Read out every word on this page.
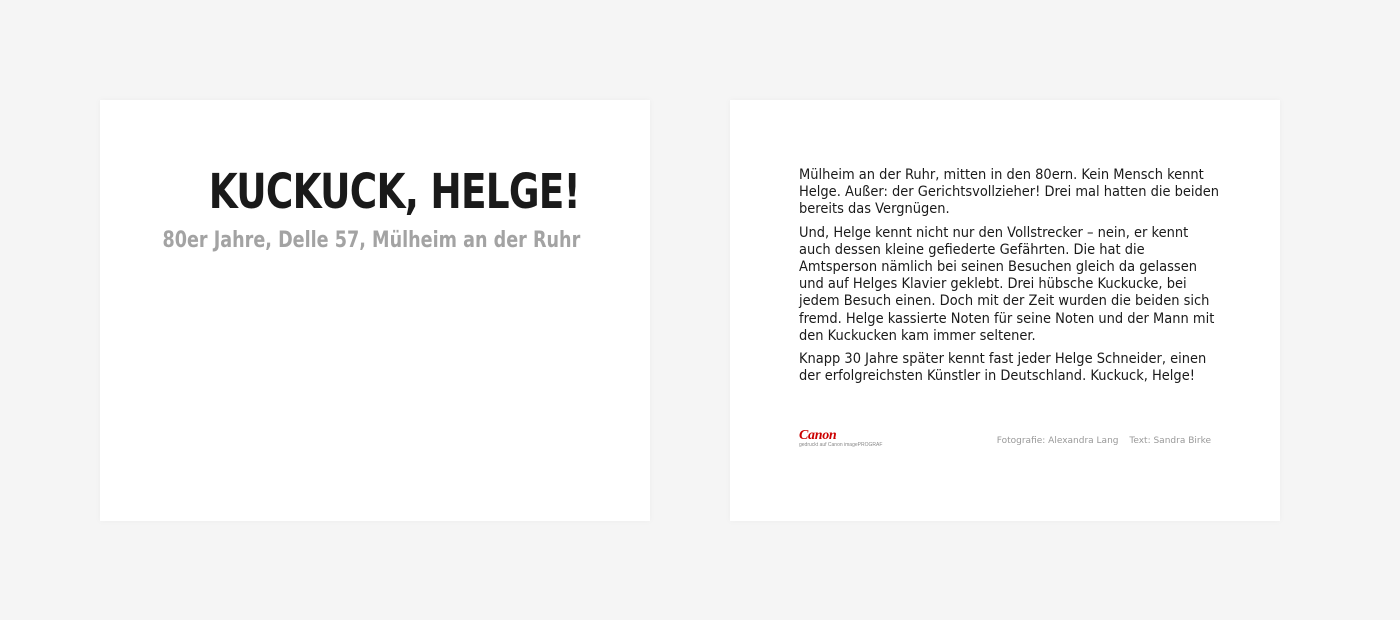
KUCKUCK, HELGE!
80er Jahre, Delle 57, Mülheim an der Ruhr

Mülheim an der Ruhr, mitten in den 80ern. Kein Mensch kennt Helge. Außer: der Gerichtsvollzieher! Drei mal hatten die beiden bereits das Vergnügen.

Und, Helge kennt nicht nur den Vollstrecker – nein, er kennt auch dessen kleine gefiederte Gefährten. Die hat die Amtsperson nämlich bei seinen Besuchen gleich da gelassen und auf Helges Klavier geklebt. Drei hübsche Kuckucke, bei jedem Besuch einen. Doch mit der Zeit wurden die beiden sich fremd. Helge kassierte Noten für seine Noten und der Mann mit den Kuckucken kam immer seltener.

Knapp 30 Jahre später kennt fast jeder Helge Schneider, einen der erfolgreichsten Künstler in Deutschland. Kuckuck, Helge!

Canon
gedruckt auf Canon imagePROGRAF	Fotografie: Alexandra Lang Text: Sandra Birke
